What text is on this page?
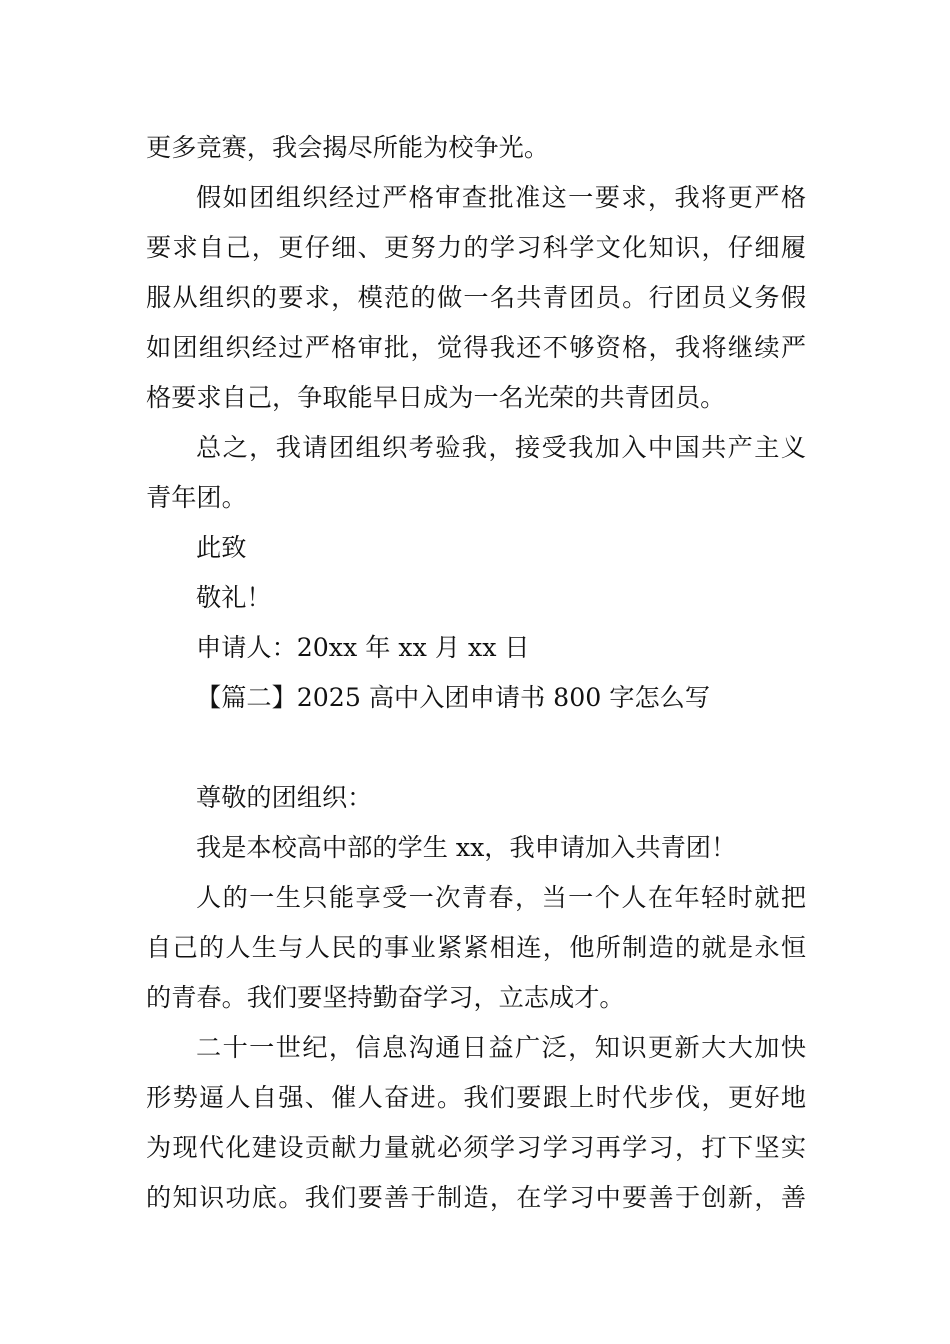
更多竞赛，我会揭尽所能为校争光。
假如团组织经过严格审查批准这一要求，我将更严格
要求自己，更仔细、更努力的学习科学文化知识，仔细履
服从组织的要求，模范的做一名共青团员。行团员义务假
如团组织经过严格审批，觉得我还不够资格，我将继续严
格要求自己，争取能早日成为一名光荣的共青团员。
总之，我请团组织考验我，接受我加入中国共产主义
青年团。
此致
敬礼！
申请人：20xx 年 xx 月 xx 日
【篇二】2025 高中入团申请书 800 字怎么写
尊敬的团组织：
我是本校高中部的学生 xx，我申请加入共青团！
人的一生只能享受一次青春，当一个人在年轻时就把
自己的人生与人民的事业紧紧相连，他所制造的就是永恒
的青春。我们要坚持勤奋学习，立志成才。
二十一世纪，信息沟通日益广泛，知识更新大大加快
形势逼人自强、催人奋进。我们要跟上时代步伐，更好地
为现代化建设贡献力量就必须学习学习再学习，打下坚实
的知识功底。我们要善于制造，在学习中要善于创新，善
